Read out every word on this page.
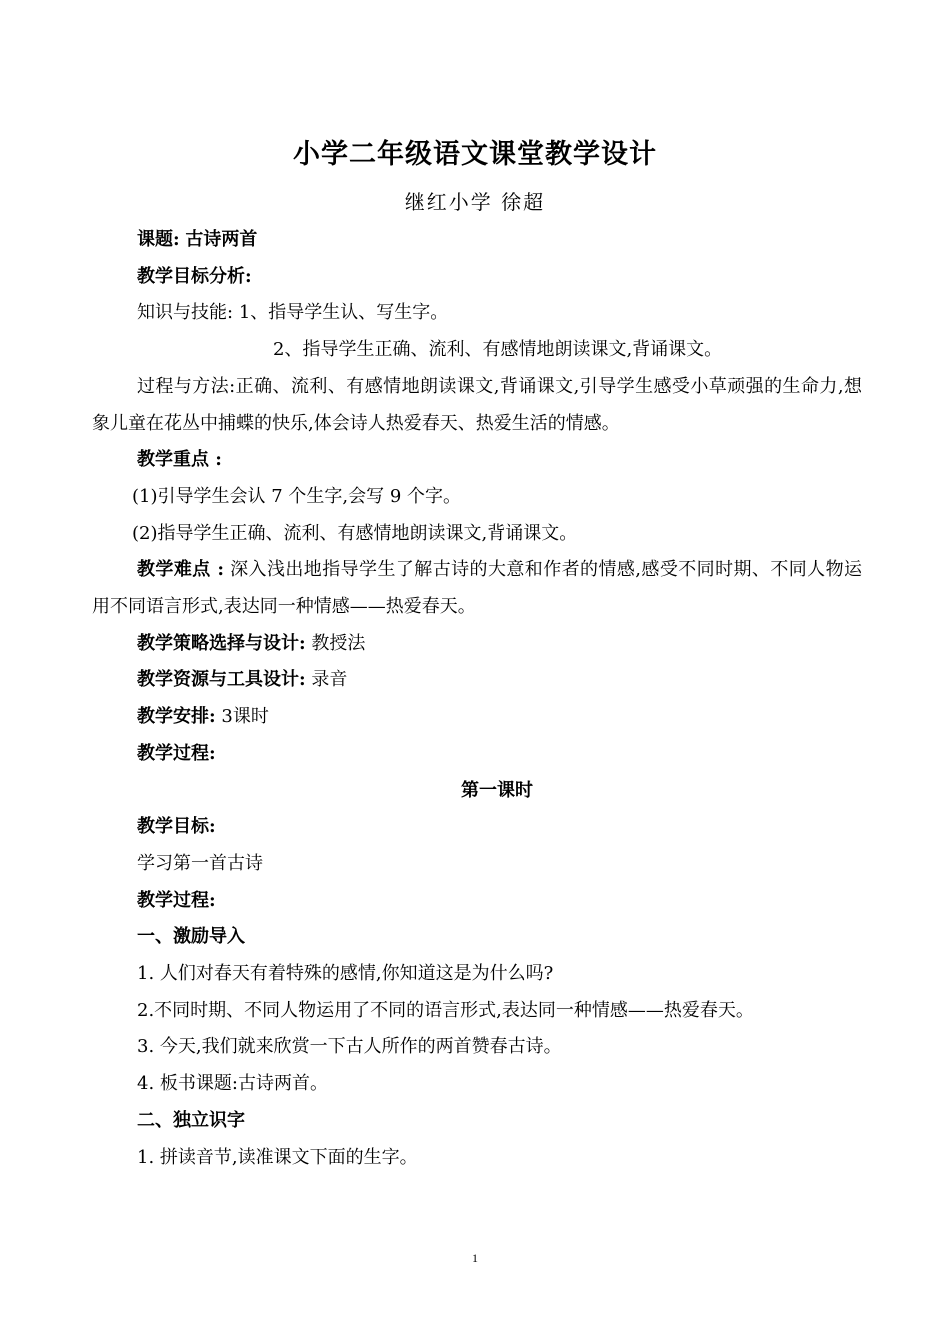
小学二年级语文课堂教学设计
继红小学 徐超
课题: 古诗两首
教学目标分析:
知识与技能: 1、指导学生认、写生字。
2、指导学生正确、流利、有感情地朗读课文,背诵课文。
过程与方法:正确、流利、有感情地朗读课文,背诵课文,引导学生感受小草顽强的生命力,想象儿童在花丛中捕蝶的快乐,体会诗人热爱春天、热爱生活的情感。
教学重点 :
(1)引导学生会认 7 个生字,会写 9 个字。
(2)指导学生正确、流利、有感情地朗读课文,背诵课文。
教学难点 : 深入浅出地指导学生了解古诗的大意和作者的情感,感受不同时期、不同人物运用不同语言形式,表达同一种情感——热爱春天。
教学策略选择与设计: 教授法
教学资源与工具设计: 录音
教学安排: 3课时
教学过程:
第一课时
教学目标:
学习第一首古诗
教学过程:
一、激励导入
1. 人们对春天有着特殊的感情,你知道这是为什么吗?
2.不同时期、不同人物运用了不同的语言形式,表达同一种情感——热爱春天。
3. 今天,我们就来欣赏一下古人所作的两首赞春古诗。
4. 板书课题:古诗两首。
二、独立识字
1. 拼读音节,读准课文下面的生字。
1
